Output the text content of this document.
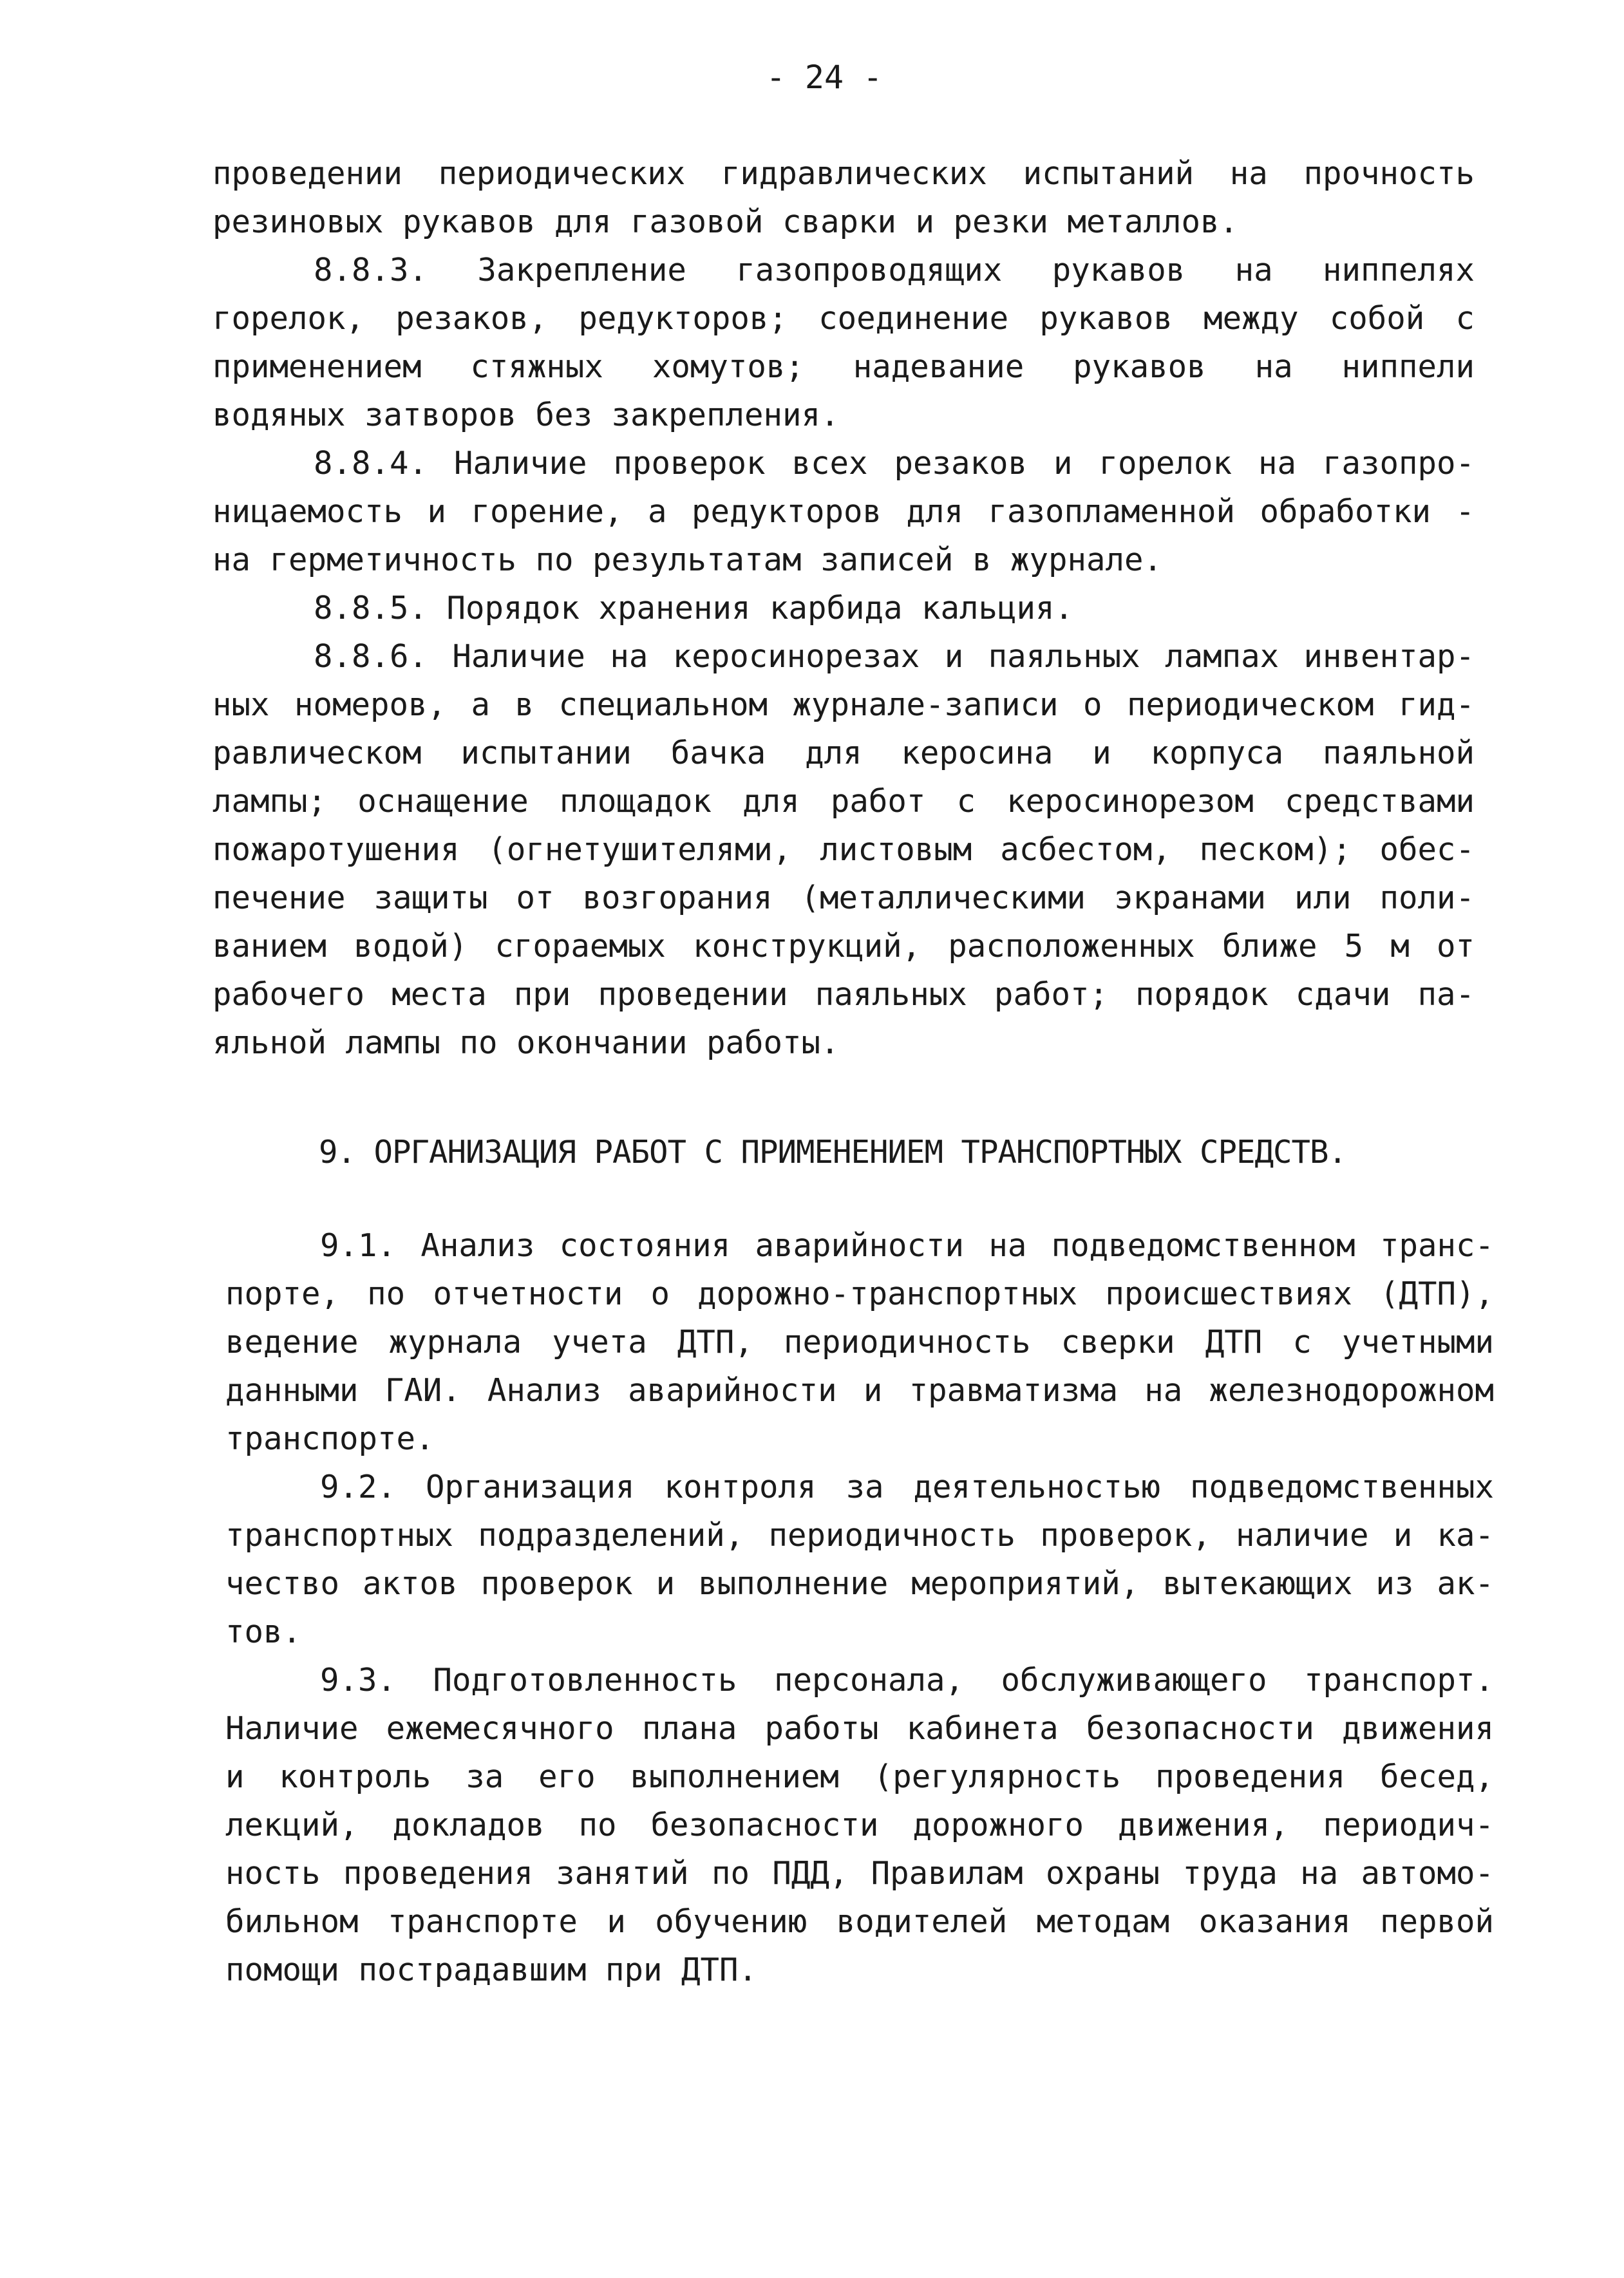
- 24 -
проведении периодических гидравлических испытаний на прочность
резиновых рукавов для газовой сварки и резки металлов.
8.8.3. Закрепление газопроводящих рукавов на ниппелях
горелок, резаков, редукторов; соединение рукавов между собой с
применением стяжных хомутов; надевание рукавов на ниппели
водяных затворов без закрепления.
8.8.4. Наличие проверок всех резаков и горелок на газопро-
ницаемость и горение, а редукторов для газопламенной обработки -
на герметичность по результатам записей в журнале.
8.8.5. Порядок хранения карбида кальция.
8.8.6. Наличие на керосинорезах и паяльных лампах инвентар-
ных номеров, а в специальном журнале-записи о периодическом гид-
равлическом испытании бачка для керосина и корпуса паяльной
лампы; оснащение площадок для работ с керосинорезом средствами
пожаротушения (огнетушителями, листовым асбестом, песком); обес-
печение защиты от возгорания (металлическими экранами или поли-
ванием водой) сгораемых конструкций, расположенных ближе 5 м от
рабочего места при проведении паяльных работ; порядок сдачи па-
яльной лампы по окончании работы.
9. ОРГАНИЗАЦИЯ РАБОТ С ПРИМЕНЕНИЕМ ТРАНСПОРТНЫХ СРЕДСТВ.
9.1. Анализ состояния аварийности на подведомственном транс-
порте, по отчетности о дорожно-транспортных происшествиях (ДТП),
ведение журнала учета ДТП, периодичность сверки ДТП с учетными
данными ГАИ. Анализ аварийности и травматизма на железнодорожном
транспорте.
9.2. Организация контроля за деятельностью подведомственных
транспортных подразделений, периодичность проверок, наличие и ка-
чество актов проверок и выполнение мероприятий, вытекающих из ак-
тов.
9.3. Подготовленность персонала, обслуживающего транспорт.
Наличие ежемесячного плана работы кабинета безопасности движения
и контроль за его выполнением (регулярность проведения бесед,
лекций, докладов по безопасности дорожного движения, периодич-
ность проведения занятий по ПДД, Правилам охраны труда на автомо-
бильном транспорте и обучению водителей методам оказания первой
помощи пострадавшим при ДТП.
